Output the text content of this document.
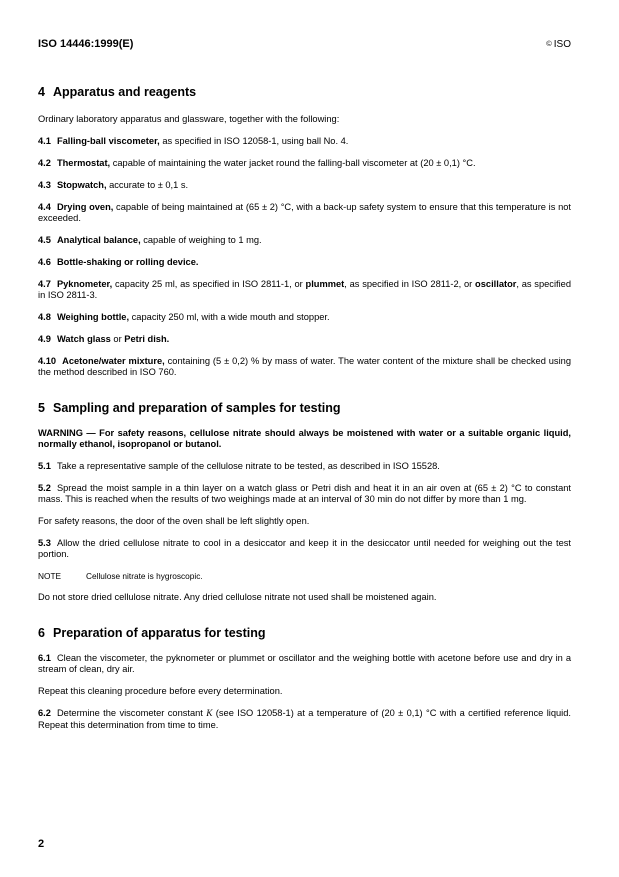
ISO 14446:1999(E)	© ISO
4 Apparatus and reagents

Ordinary laboratory apparatus and glassware, together with the following:

4.1 Falling-ball viscometer, as specified in ISO 12058-1, using ball No. 4.

4.2 Thermostat, capable of maintaining the water jacket round the falling-ball viscometer at (20 ± 0,1) °C.

4.3 Stopwatch, accurate to ± 0,1 s.

4.4 Drying oven, capable of being maintained at (65 ± 2) °C, with a back-up safety system to ensure that this temperature is not exceeded.

4.5 Analytical balance, capable of weighing to 1 mg.

4.6 Bottle-shaking or rolling device.

4.7 Pyknometer, capacity 25 ml, as specified in ISO 2811-1, or plummet, as specified in ISO 2811-2, or oscillator, as specified in ISO 2811-3.

4.8 Weighing bottle, capacity 250 ml, with a wide mouth and stopper.

4.9 Watch glass or Petri dish.

4.10 Acetone/water mixture, containing (5 ± 0,2) % by mass of water. The water content of the mixture shall be checked using the method described in ISO 760.

5 Sampling and preparation of samples for testing

WARNING — For safety reasons, cellulose nitrate should always be moistened with water or a suitable organic liquid, normally ethanol, isopropanol or butanol.

5.1 Take a representative sample of the cellulose nitrate to be tested, as described in ISO 15528.

5.2 Spread the moist sample in a thin layer on a watch glass or Petri dish and heat it in an air oven at (65 ± 2) °C to constant mass. This is reached when the results of two weighings made at an interval of 30 min do not differ by more than 1 mg.

For safety reasons, the door of the oven shall be left slightly open.

5.3 Allow the dried cellulose nitrate to cool in a desiccator and keep it in the desiccator until needed for weighing out the test portion.

NOTE	Cellulose nitrate is hygroscopic.

Do not store dried cellulose nitrate. Any dried cellulose nitrate not used shall be moistened again.

6 Preparation of apparatus for testing

6.1 Clean the viscometer, the pyknometer or plummet or oscillator and the weighing bottle with acetone before use and dry in a stream of clean, dry air.

Repeat this cleaning procedure before every determination.

6.2 Determine the viscometer constant K (see ISO 12058-1) at a temperature of (20 ± 0,1) °C with a certified reference liquid. Repeat this determination from time to time.

2
